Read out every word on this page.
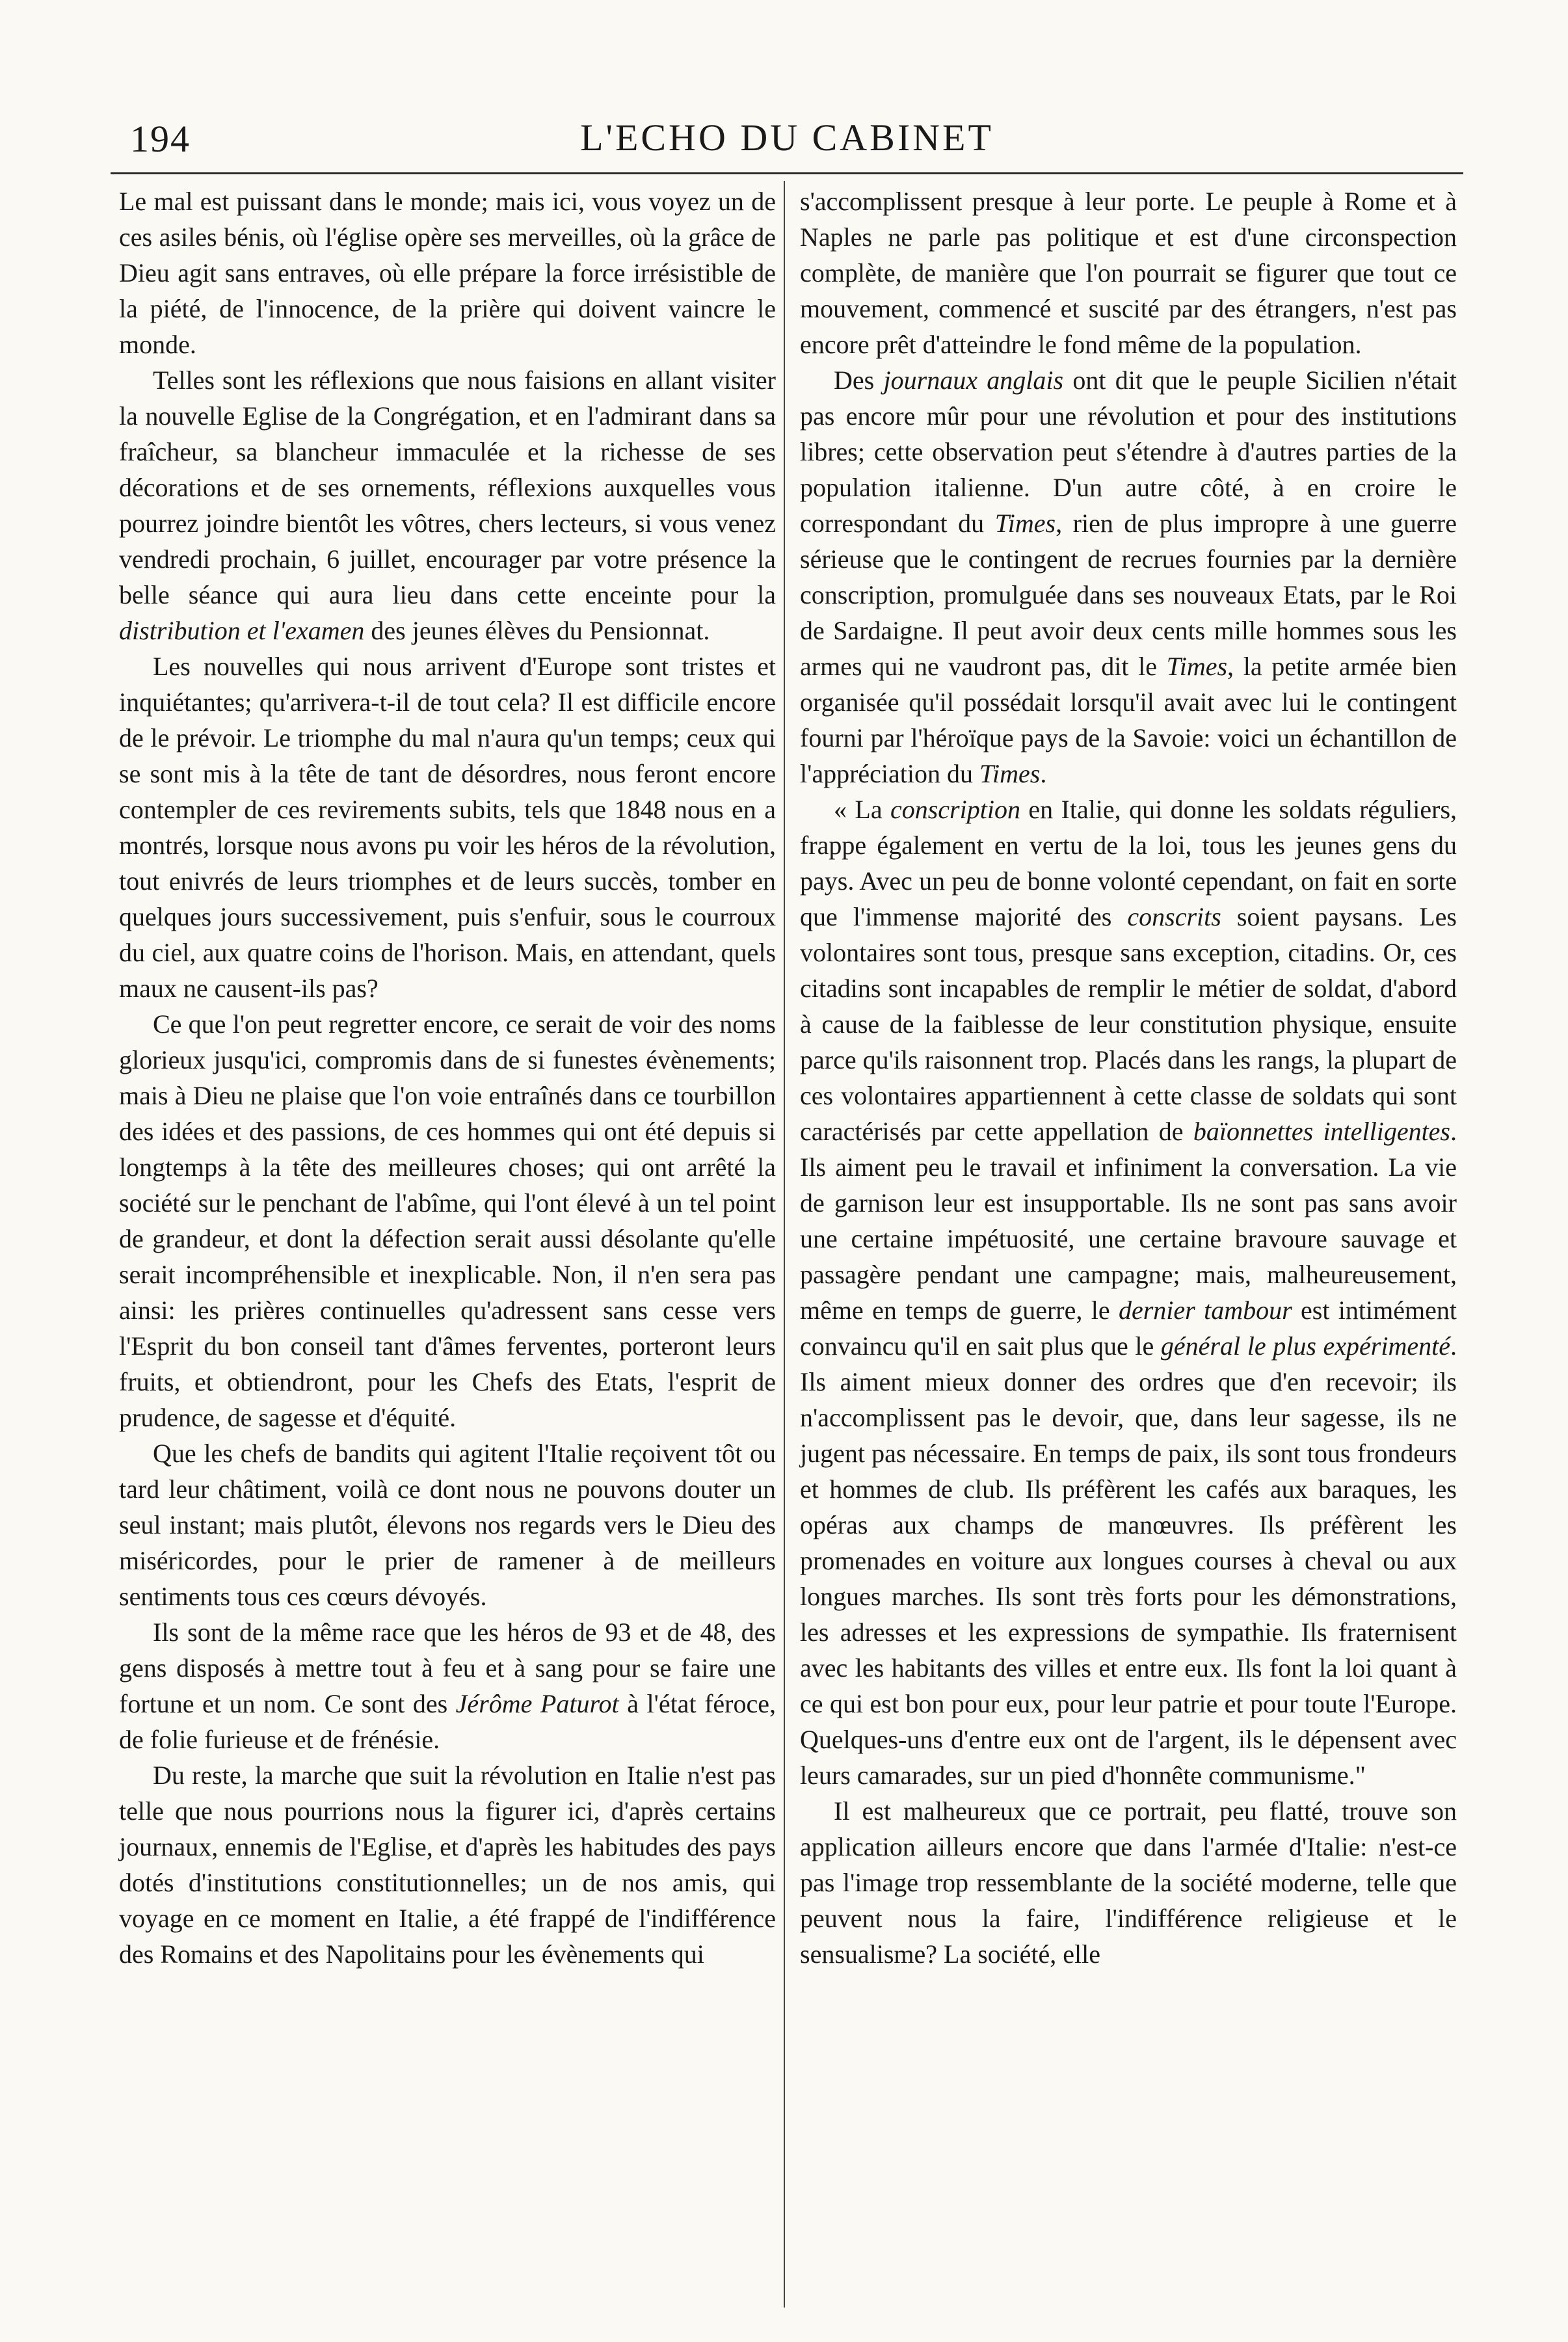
194	L'ECHO DU CABINET

Le mal est puissant dans le monde; mais ici, vous voyez un de ces asiles bénis, où l'église opère ses merveilles, où la grâce de Dieu agit sans entraves, où elle prépare la force irrésistible de la piété, de l'innocence, de la prière qui doivent vaincre le monde.

Telles sont les réflexions que nous faisions en allant visiter la nouvelle Eglise de la Congrégation, et en l'admirant dans sa fraîcheur, sa blancheur immaculée et la richesse de ses décorations et de ses ornements, réflexions auxquelles vous pourrez joindre bientôt les vôtres, chers lecteurs, si vous venez vendredi prochain, 6 juillet, encourager par votre présence la belle séance qui aura lieu dans cette enceinte pour la distribution et l'examen des jeunes élèves du Pensionnat.

Les nouvelles qui nous arrivent d'Europe sont tristes et inquiétantes; qu'arrivera-t-il de tout cela? Il est difficile encore de le prévoir. Le triomphe du mal n'aura qu'un temps; ceux qui se sont mis à la tête de tant de désordres, nous feront encore contempler de ces revirements subits, tels que 1848 nous en a montrés, lorsque nous avons pu voir les héros de la révolution, tout enivrés de leurs triomphes et de leurs succès, tomber en quelques jours successivement, puis s'enfuir, sous le courroux du ciel, aux quatre coins de l'horison. Mais, en attendant, quels maux ne causent-ils pas?

Ce que l'on peut regretter encore, ce serait de voir des noms glorieux jusqu'ici, compromis dans de si funestes évènements; mais à Dieu ne plaise que l'on voie entraînés dans ce tourbillon des idées et des passions, de ces hommes qui ont été depuis si longtemps à la tête des meilleures choses; qui ont arrêté la société sur le penchant de l'abîme, qui l'ont élevé à un tel point de grandeur, et dont la défection serait aussi désolante qu'elle serait incompréhensible et inexplicable. Non, il n'en sera pas ainsi: les prières continuelles qu'adressent sans cesse vers l'Esprit du bon conseil tant d'âmes ferventes, porteront leurs fruits, et obtiendront, pour les Chefs des Etats, l'esprit de prudence, de sagesse et d'équité.

Que les chefs de bandits qui agitent l'Italie reçoivent tôt ou tard leur châtiment, voilà ce dont nous ne pouvons douter un seul instant; mais plutôt, élevons nos regards vers le Dieu des miséricordes, pour le prier de ramener à de meilleurs sentiments tous ces cœurs dévoyés.

Ils sont de la même race que les héros de 93 et de 48, des gens disposés à mettre tout à feu et à sang pour se faire une fortune et un nom. Ce sont des Jérôme Paturot à l'état féroce, de folie furieuse et de frénésie.

Du reste, la marche que suit la révolution en Italie n'est pas telle que nous pourrions nous la figurer ici, d'après certains journaux, ennemis de l'Eglise, et d'après les habitudes des pays dotés d'institutions constitutionnelles; un de nos amis, qui voyage en ce moment en Italie, a été frappé de l'indifférence des Romains et des Napolitains pour les évènements qui

s'accomplissent presque à leur porte. Le peuple à Rome et à Naples ne parle pas politique et est d'une circonspection complète, de manière que l'on pourrait se figurer que tout ce mouvement, commencé et suscité par des étrangers, n'est pas encore prêt d'atteindre le fond même de la population.

Des journaux anglais ont dit que le peuple Sicilien n'était pas encore mûr pour une révolution et pour des institutions libres; cette observation peut s'étendre à d'autres parties de la population italienne. D'un autre côté, à en croire le correspondant du Times, rien de plus impropre à une guerre sérieuse que le contingent de recrues fournies par la dernière conscription, promulguée dans ses nouveaux Etats, par le Roi de Sardaigne. Il peut avoir deux cents mille hommes sous les armes qui ne vaudront pas, dit le Times, la petite armée bien organisée qu'il possédait lorsqu'il avait avec lui le contingent fourni par l'héroïque pays de la Savoie: voici un échantillon de l'appréciation du Times.

« La conscription en Italie, qui donne les soldats réguliers, frappe également en vertu de la loi, tous les jeunes gens du pays. Avec un peu de bonne volonté cependant, on fait en sorte que l'immense majorité des conscrits soient paysans. Les volontaires sont tous, presque sans exception, citadins. Or, ces citadins sont incapables de remplir le métier de soldat, d'abord à cause de la faiblesse de leur constitution physique, ensuite parce qu'ils raisonnent trop. Placés dans les rangs, la plupart de ces volontaires appartiennent à cette classe de soldats qui sont caractérisés par cette appellation de baïonnettes intelligentes. Ils aiment peu le travail et infiniment la conversation. La vie de garnison leur est insupportable. Ils ne sont pas sans avoir une certaine impétuosité, une certaine bravoure sauvage et passagère pendant une campagne; mais, malheureusement, même en temps de guerre, le dernier tambour est intimément convaincu qu'il en sait plus que le général le plus expérimenté. Ils aiment mieux donner des ordres que d'en recevoir; ils n'accomplissent pas le devoir, que, dans leur sagesse, ils ne jugent pas nécessaire. En temps de paix, ils sont tous frondeurs et hommes de club. Ils préfèrent les cafés aux baraques, les opéras aux champs de manœuvres. Ils préfèrent les promenades en voiture aux longues courses à cheval ou aux longues marches. Ils sont très forts pour les démonstrations, les adresses et les expressions de sympathie. Ils fraternisent avec les habitants des villes et entre eux. Ils font la loi quant à ce qui est bon pour eux, pour leur patrie et pour toute l'Europe. Quelques-uns d'entre eux ont de l'argent, ils le dépensent avec leurs camarades, sur un pied d'honnête communisme."

Il est malheureux que ce portrait, peu flatté, trouve son application ailleurs encore que dans l'armée d'Italie: n'est-ce pas l'image trop ressemblante de la société moderne, telle que peuvent nous la faire, l'indifférence religieuse et le sensualisme? La société, elle
